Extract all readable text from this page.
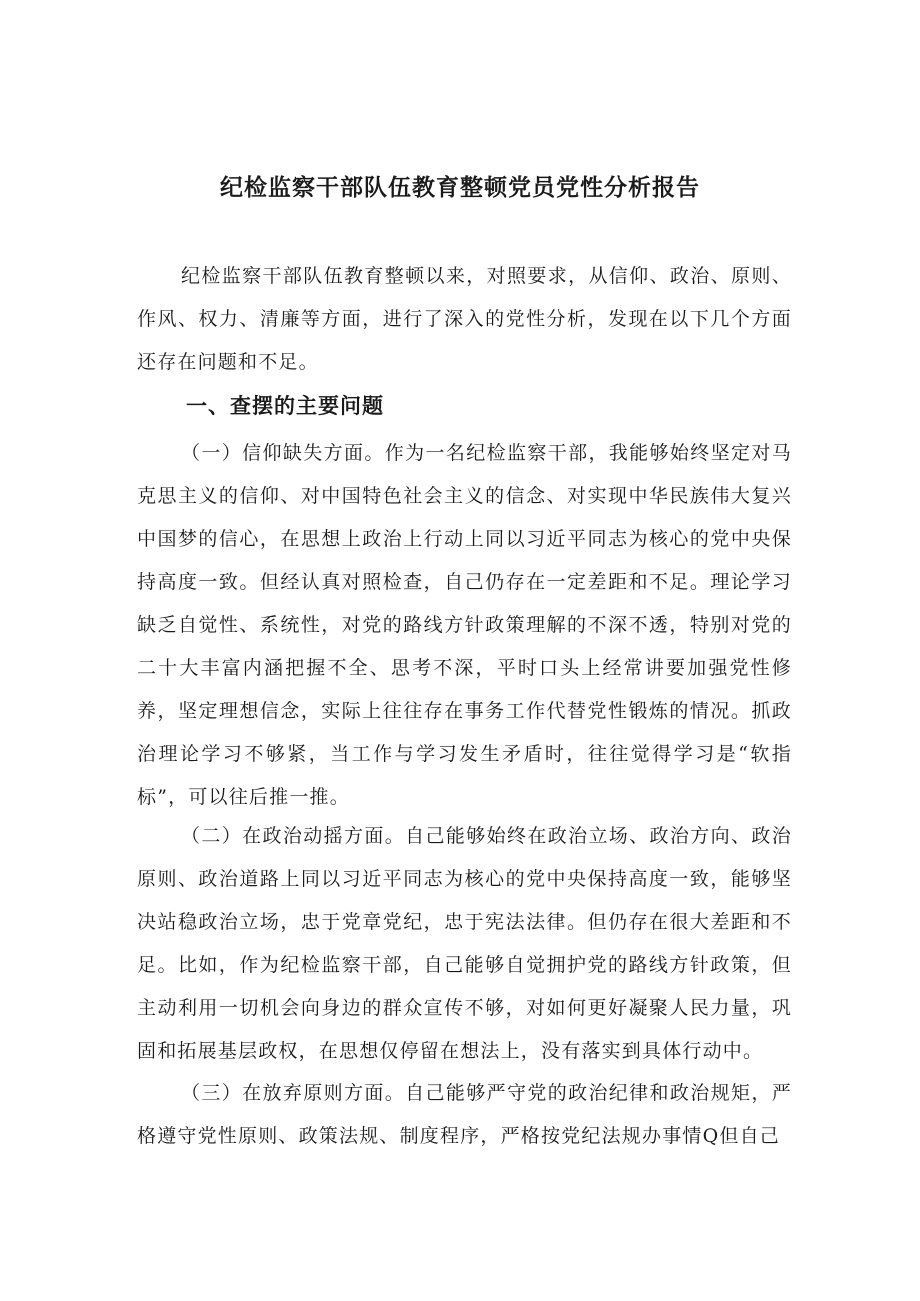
纪检监察干部队伍教育整顿党员党性分析报告

纪检监察干部队伍教育整顿以来，对照要求，从信仰、政治、原则、作风、权力、清廉等方面，进行了深入的党性分析，发现在以下几个方面还存在问题和不足。

一、查摆的主要问题

（一）信仰缺失方面。作为一名纪检监察干部，我能够始终坚定对马克思主义的信仰、对中国特色社会主义的信念、对实现中华民族伟大复兴中国梦的信心，在思想上政治上行动上同以习近平同志为核心的党中央保持高度一致。但经认真对照检查，自己仍存在一定差距和不足。理论学习缺乏自觉性、系统性，对党的路线方针政策理解的不深不透，特别对党的二十大丰富内涵把握不全、思考不深，平时口头上经常讲要加强党性修养，坚定理想信念，实际上往往存在事务工作代替党性锻炼的情况。抓政治理论学习不够紧，当工作与学习发生矛盾时，往往觉得学习是“软指标”，可以往后推一推。

（二）在政治动摇方面。自己能够始终在政治立场、政治方向、政治原则、政治道路上同以习近平同志为核心的党中央保持高度一致，能够坚决站稳政治立场，忠于党章党纪，忠于宪法法律。但仍存在很大差距和不足。比如，作为纪检监察干部，自己能够自觉拥护党的路线方针政策，但主动利用一切机会向身边的群众宣传不够，对如何更好凝聚人民力量，巩固和拓展基层政权，在思想仅停留在想法上，没有落实到具体行动中。

（三）在放弃原则方面。自己能够严守党的政治纪律和政治规矩，严格遵守党性原则、政策法规、制度程序，严格按党纪法规办事情Q但自己
